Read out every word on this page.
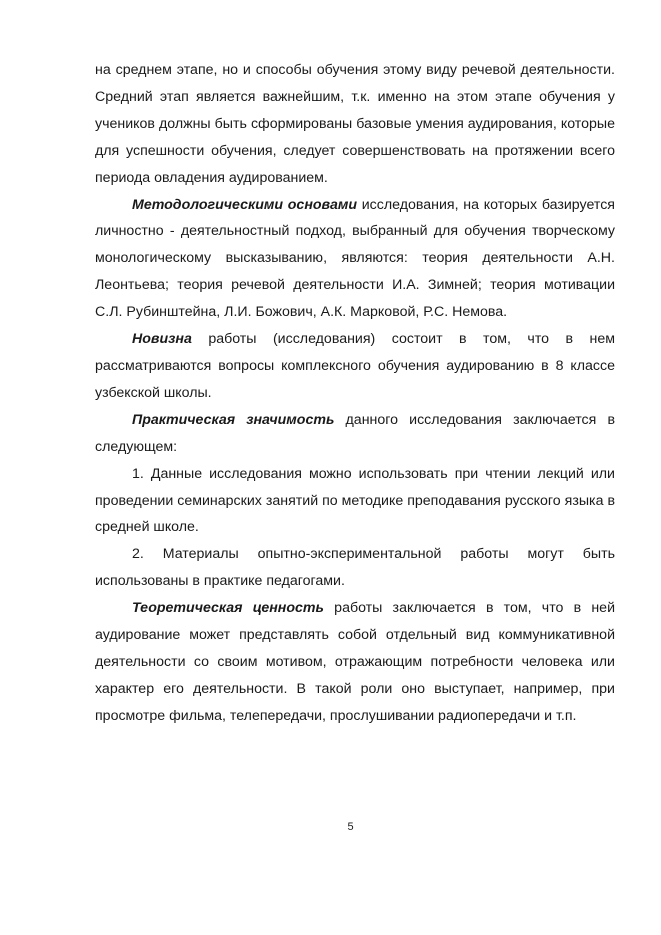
на среднем этапе, но и способы обучения этому виду речевой деятельности. Средний этап является важнейшим, т.к. именно на этом этапе обучения у учеников должны быть сформированы базовые умения аудирования, которые для успешности обучения, следует совершенствовать на протяжении всего периода овладения аудированием.

Методологическими основами исследования, на которых базируется личностно - деятельностный подход, выбранный для обучения творческому монологическому высказыванию, являются: теория деятельности А.Н. Леонтьева; теория речевой деятельности И.А. Зимней; теория мотивации С.Л. Рубинштейна, Л.И. Божович, А.К. Марковой, Р.С. Немова.

Новизна работы (исследования) состоит в том, что в нем рассматриваются вопросы комплексного обучения аудированию в 8 классе узбекской школы.

Практическая значимость данного исследования заключается в следующем:

1. Данные исследования можно использовать при чтении лекций или проведении семинарских занятий по методике преподавания русского языка в средней школе.

2. Материалы опытно-экспериментальной работы могут быть использованы в практике педагогами.

Теоретическая ценность работы заключается в том, что в ней аудирование может представлять собой отдельный вид коммуникативной деятельности со своим мотивом, отражающим потребности человека или характер его деятельности. В такой роли оно выступает, например, при просмотре фильма, телепередачи, прослушивании радиопередачи и т.п.

5
